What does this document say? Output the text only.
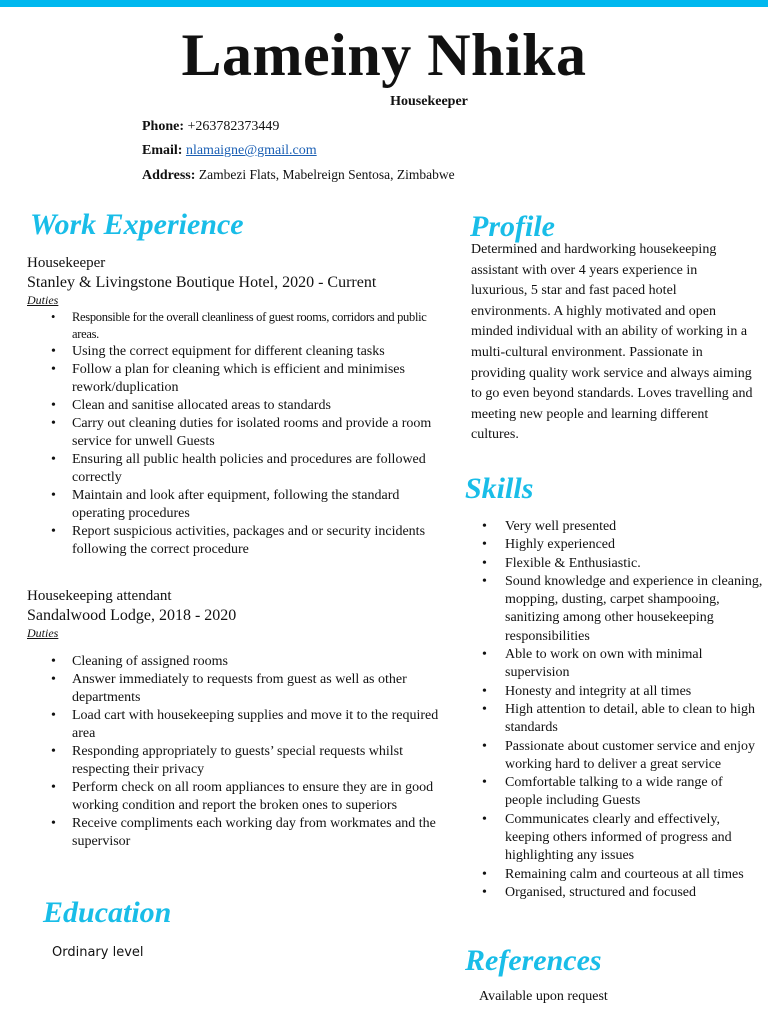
Lameiny Nhika
Housekeeper
Phone: +263782373449
Email: nlamaigne@gmail.com
Address: Zambezi Flats, Mabelreign Sentosa, Zimbabwe
Work Experience
Housekeeper
Stanley & Livingstone Boutique Hotel, 2020 - Current
Duties
• Responsible for the overall cleanliness of guest rooms, corridors and public areas.
• Using the correct equipment for different cleaning tasks
• Follow a plan for cleaning which is efficient and minimises rework/duplication
• Clean and sanitise allocated areas to standards
• Carry out cleaning duties for isolated rooms and provide a room service for unwell Guests
• Ensuring all public health policies and procedures are followed correctly
• Maintain and look after equipment, following the standard operating procedures
• Report suspicious activities, packages and or security incidents following the correct procedure
Housekeeping attendant
Sandalwood Lodge, 2018 - 2020
Duties
• Cleaning of assigned rooms
• Answer immediately to requests from guest as well as other departments
• Load cart with housekeeping supplies and move it to the required area
• Responding appropriately to guests’ special requests whilst respecting their privacy
• Perform check on all room appliances to ensure they are in good working condition and report the broken ones to superiors
• Receive compliments each working day from workmates and the supervisor
Education
Ordinary level
Profile
Determined and hardworking housekeeping assistant with over 4 years experience in luxurious, 5 star and fast paced hotel environments. A highly motivated and open minded individual with an ability of working in a multi-cultural environment. Passionate in providing quality work service and always aiming to go even beyond standards. Loves travelling and meeting new people and learning different cultures.
Skills
• Very well presented
• Highly experienced
• Flexible & Enthusiastic.
• Sound knowledge and experience in cleaning, mopping, dusting, carpet shampooing, sanitizing among other housekeeping responsibilities
• Able to work on own with minimal supervision
• Honesty and integrity at all times
• High attention to detail, able to clean to high standards
• Passionate about customer service and enjoy working hard to deliver a great service
• Comfortable talking to a wide range of people including Guests
• Communicates clearly and effectively, keeping others informed of progress and highlighting any issues
• Remaining calm and courteous at all times
• Organised, structured and focused
References
Available upon request
